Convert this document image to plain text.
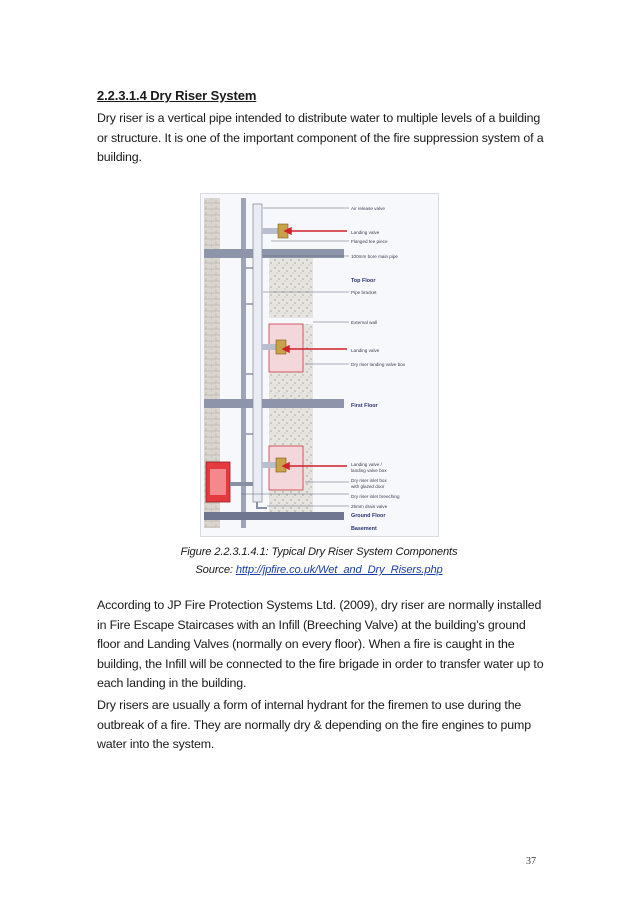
2.2.3.1.4 Dry Riser System

Dry riser is a vertical pipe intended to distribute water to multiple levels of a building or structure. It is one of the important component of the fire suppression system of a building.

Air release valve
Landing valve
Flanged tee piece
100mm bore main pipe
Top Floor
Pipe bracket
External wall
Landing valve
Dry riser landing valve box
First Floor
Landing valve /
landing valve box
Dry riser inlet box
with glazed door
Dry riser inlet breeching
25mm drain valve
Ground Floor
Basement
Figure 2.2.3.1.4.1: Typical Dry Riser System Components
Source: http://jpfire.co.uk/Wet_and_Dry_Risers.php

According to JP Fire Protection Systems Ltd. (2009), dry riser are normally installed in Fire Escape Staircases with an Infill (Breeching Valve) at the building’s ground floor and Landing Valves (normally on every floor). When a fire is caught in the building, the Infill will be connected to the fire brigade in order to transfer water up to each landing in the building.

Dry risers are usually a form of internal hydrant for the firemen to use during the outbreak of a fire. They are normally dry & depending on the fire engines to pump water into the system.

37
